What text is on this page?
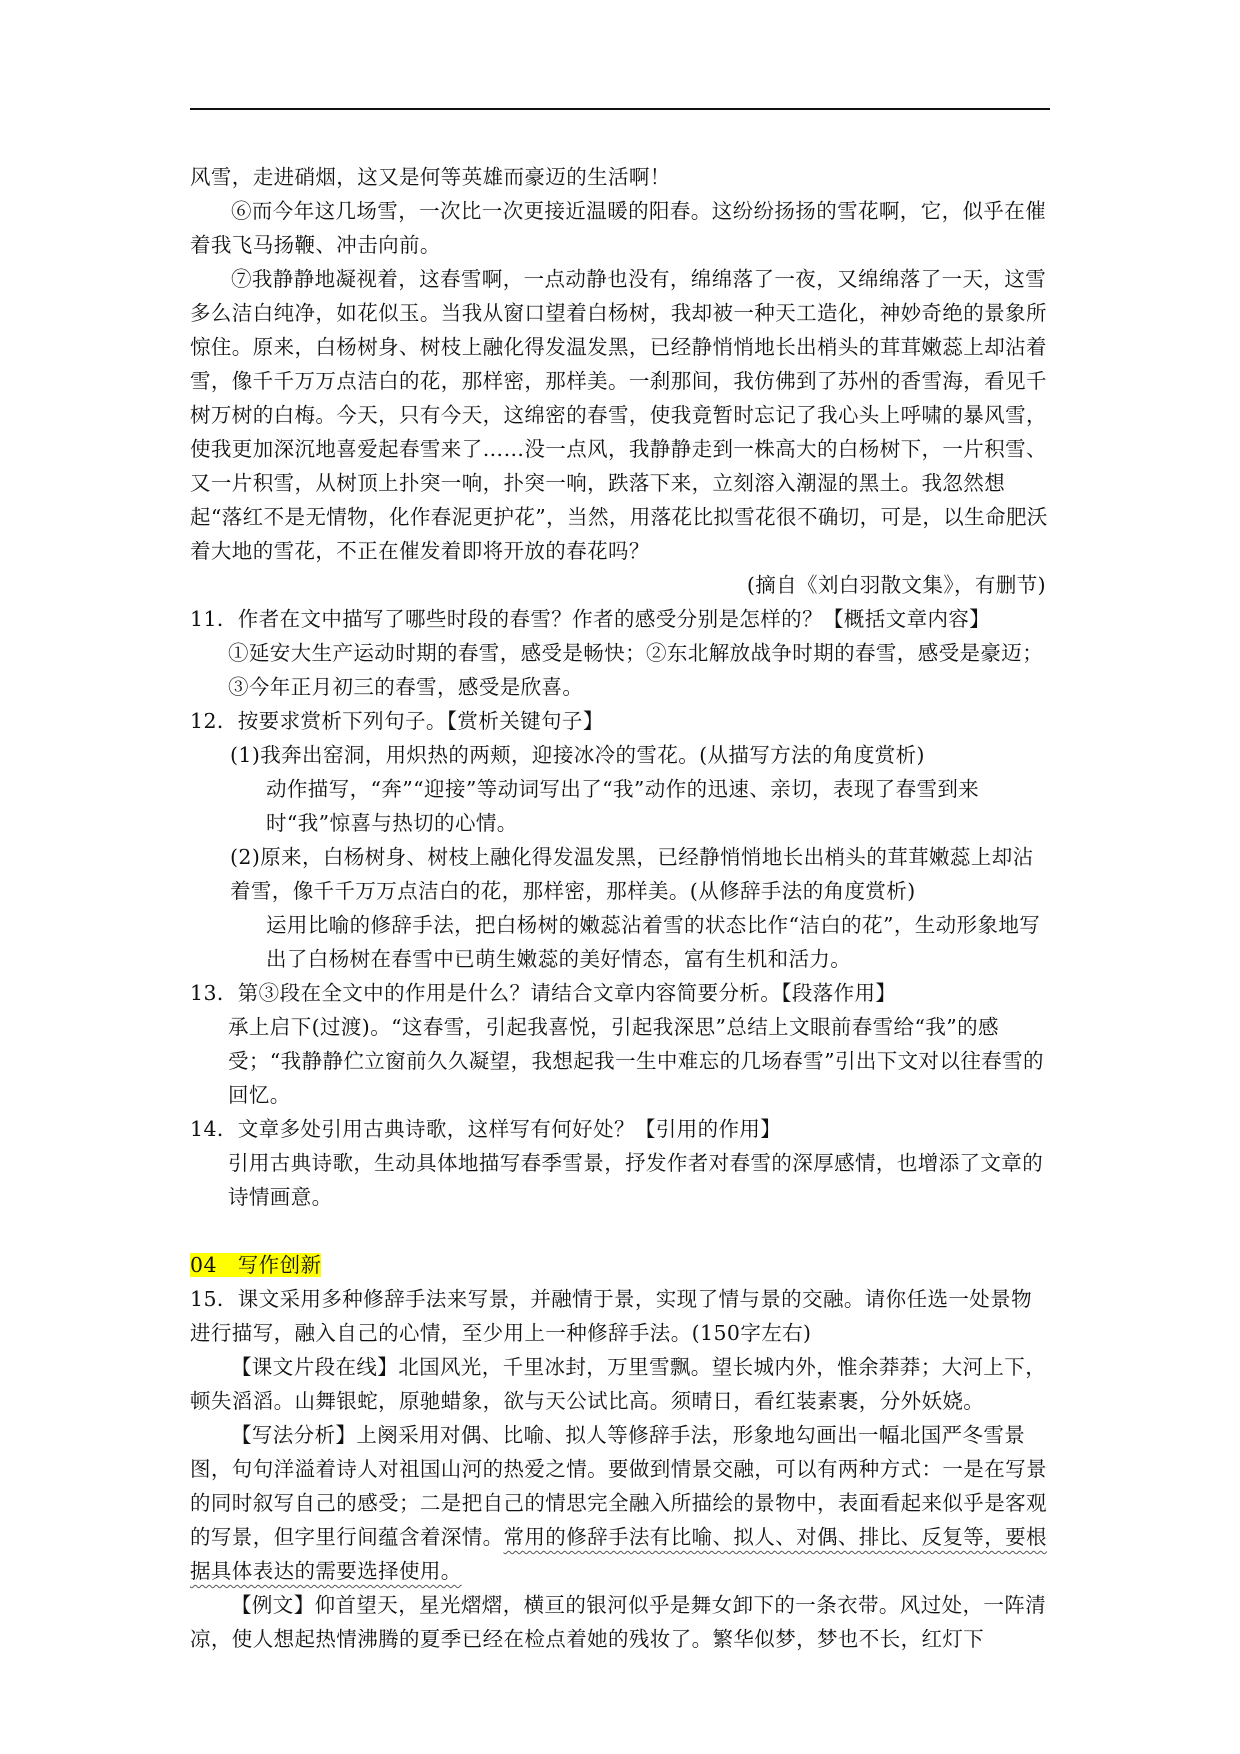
风雪，走进硝烟，这又是何等英雄而豪迈的生活啊！

⑥而今年这几场雪，一次比一次更接近温暖的阳春。这纷纷扬扬的雪花啊，它，似乎在催着我飞马扬鞭、冲击向前。

⑦我静静地凝视着，这春雪啊，一点动静也没有，绵绵落了一夜，又绵绵落了一天，这雪多么洁白纯净，如花似玉。当我从窗口望着白杨树，我却被一种天工造化，神妙奇绝的景象所惊住。原来，白杨树身、树枝上融化得发温发黑，已经静悄悄地长出梢头的茸茸嫩蕊上却沾着雪，像千千万万点洁白的花，那样密，那样美。一刹那间，我仿佛到了苏州的香雪海，看见千树万树的白梅。今天，只有今天，这绵密的春雪，使我竟暂时忘记了我心头上呼啸的暴风雪，使我更加深沉地喜爱起春雪来了……没一点风，我静静走到一株高大的白杨树下，一片积雪、又一片积雪，从树顶上扑突一响，扑突一响，跌落下来，立刻溶入潮湿的黑土。我忽然想起“落红不是无情物，化作春泥更护花”，当然，用落花比拟雪花很不确切，可是，以生命肥沃着大地的雪花，不正在催发着即将开放的春花吗？

(摘自《刘白羽散文集》，有删节)

11．作者在文中描写了哪些时段的春雪？作者的感受分别是怎样的？【概括文章内容】

①延安大生产运动时期的春雪，感受是畅快；②东北解放战争时期的春雪，感受是豪迈；③今年正月初三的春雪，感受是欣喜。

12．按要求赏析下列句子。【赏析关键句子】

(1)我奔出窑洞，用炽热的两颊，迎接冰冷的雪花。(从描写方法的角度赏析)

动作描写，“奔”“迎接”等动词写出了“我”动作的迅速、亲切，表现了春雪到来时“我”惊喜与热切的心情。

(2)原来，白杨树身、树枝上融化得发温发黑，已经静悄悄地长出梢头的茸茸嫩蕊上却沾着雪，像千千万万点洁白的花，那样密，那样美。(从修辞手法的角度赏析)

运用比喻的修辞手法，把白杨树的嫩蕊沾着雪的状态比作“洁白的花”，生动形象地写出了白杨树在春雪中已萌生嫩蕊的美好情态，富有生机和活力。

13．第③段在全文中的作用是什么？请结合文章内容简要分析。【段落作用】

承上启下(过渡)。“这春雪，引起我喜悦，引起我深思”总结上文眼前春雪给“我”的感受；“我静静伫立窗前久久凝望，我想起我一生中难忘的几场春雪”引出下文对以往春雪的回忆。

14．文章多处引用古典诗歌，这样写有何好处？【引用的作用】

引用古典诗歌，生动具体地描写春季雪景，抒发作者对春雪的深厚感情，也增添了文章的诗情画意。

04　写作创新

15．课文采用多种修辞手法来写景，并融情于景，实现了情与景的交融。请你任选一处景物进行描写，融入自己的心情，至少用上一种修辞手法。(150字左右)

【课文片段在线】北国风光，千里冰封，万里雪飘。望长城内外，惟余莽莽；大河上下，顿失滔滔。山舞银蛇，原驰蜡象，欲与天公试比高。须晴日，看红装素裹，分外妖娆。

【写法分析】上阕采用对偶、比喻、拟人等修辞手法，形象地勾画出一幅北国严冬雪景图，句句洋溢着诗人对祖国山河的热爱之情。要做到情景交融，可以有两种方式：一是在写景的同时叙写自己的感受；二是把自己的情思完全融入所描绘的景物中，表面看起来似乎是客观的写景，但字里行间蕴含着深情。常用的修辞手法有比喻、拟人、对偶、排比、反复等，要根据具体表达的需要选择使用。

【例文】仰首望天，星光熠熠，横亘的银河似乎是舞女卸下的一条衣带。风过处，一阵清凉，使人想起热情沸腾的夏季已经在检点着她的残妆了。繁华似梦，梦也不长，红灯下
